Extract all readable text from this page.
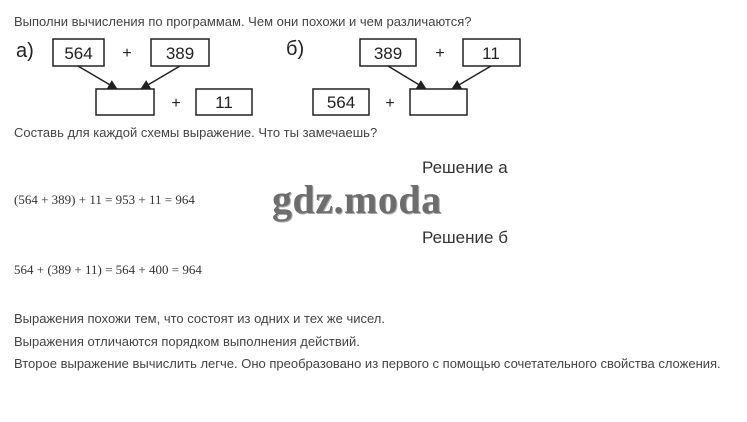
Выполни вычисления по программам. Чем они похожи и чем различаются?
а) 564 + 389
+ 11
б)	389 + 11
564 +
Составь для каждой схемы выражение. Что ты замечаешь?
Решение а
(564 + 389) + 11 = 953 + 11 = 964 gdz.moda
Решение б
564 + (389 + 11) = 564 + 400 = 964
Выражения похожи тем, что состоят из одних и тех же чисел.
Выражения отличаются порядком выполнения действий.
Второе выражение вычислить легче. Оно преобразовано из первого с помощью сочетательного свойства сложения.
